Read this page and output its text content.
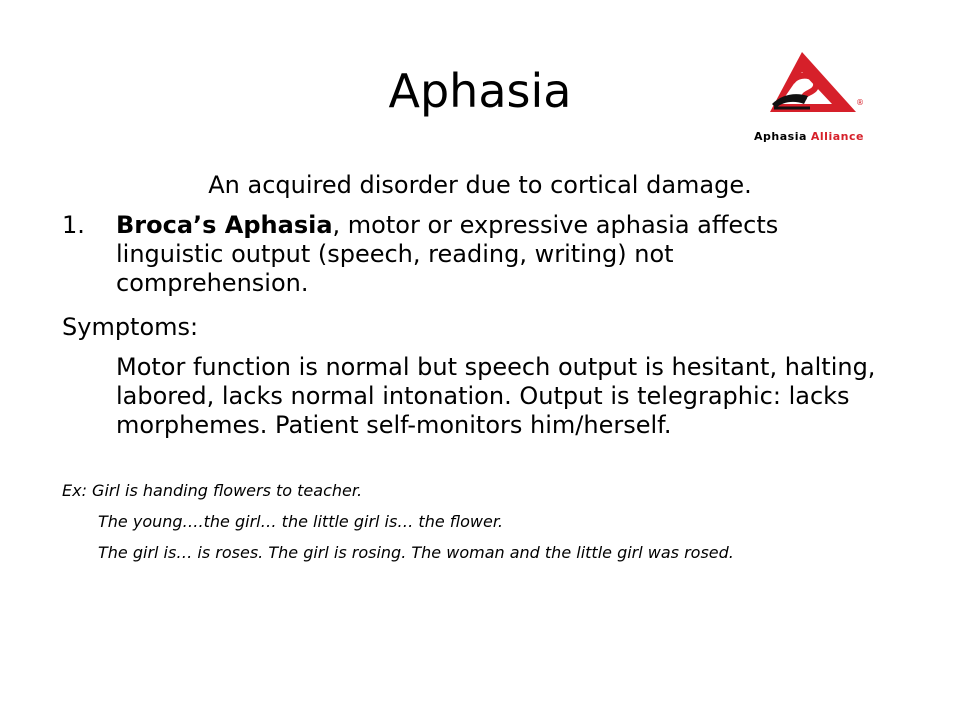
Aphasia	®
Aphasia Alliance
An acquired disorder due to cortical damage.
1. Broca’s Aphasia, motor or expressive aphasia affects linguistic output (speech, reading, writing) not comprehension.
Symptoms:
Motor function is normal but speech output is hesitant, halting, labored, lacks normal intonation. Output is telegraphic: lacks morphemes. Patient self-monitors him/herself.
Ex: Girl is handing flowers to teacher.
The young….the girl… the little girl is… the flower.
The girl is… is roses. The girl is rosing. The woman and the little girl was rosed.
